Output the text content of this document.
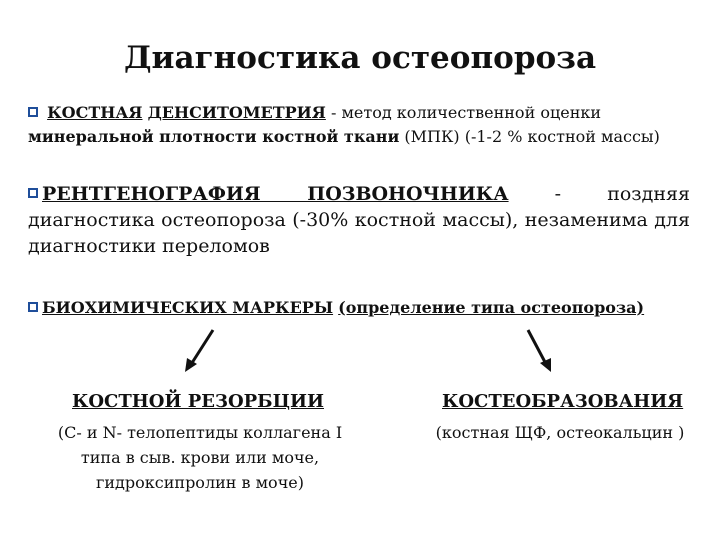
Диагностика остеопороза
КОСТНАЯ ДЕНСИТОМЕТРИЯ - метод количественной оценки
минеральной плотности костной ткани (МПК) (-1-2 % костной массы)
РЕНТГЕНОГРАФИЯ ПОЗВОНОЧНИКА - поздняя диагностика остеопороза (-30% костной массы), незаменима для диагностики переломов
БИОХИМИЧЕСКИХ МАРКЕРЫ (определение типа остеопороза)
КОСТНОЙ РЕЗОРБЦИИ
(С- и N- телопептиды коллагена I
типа в сыв. крови или моче,
гидроксипролин в моче)
КОСТЕОБРАЗОВАНИЯ
(костная ЩФ, остеокальцин )
